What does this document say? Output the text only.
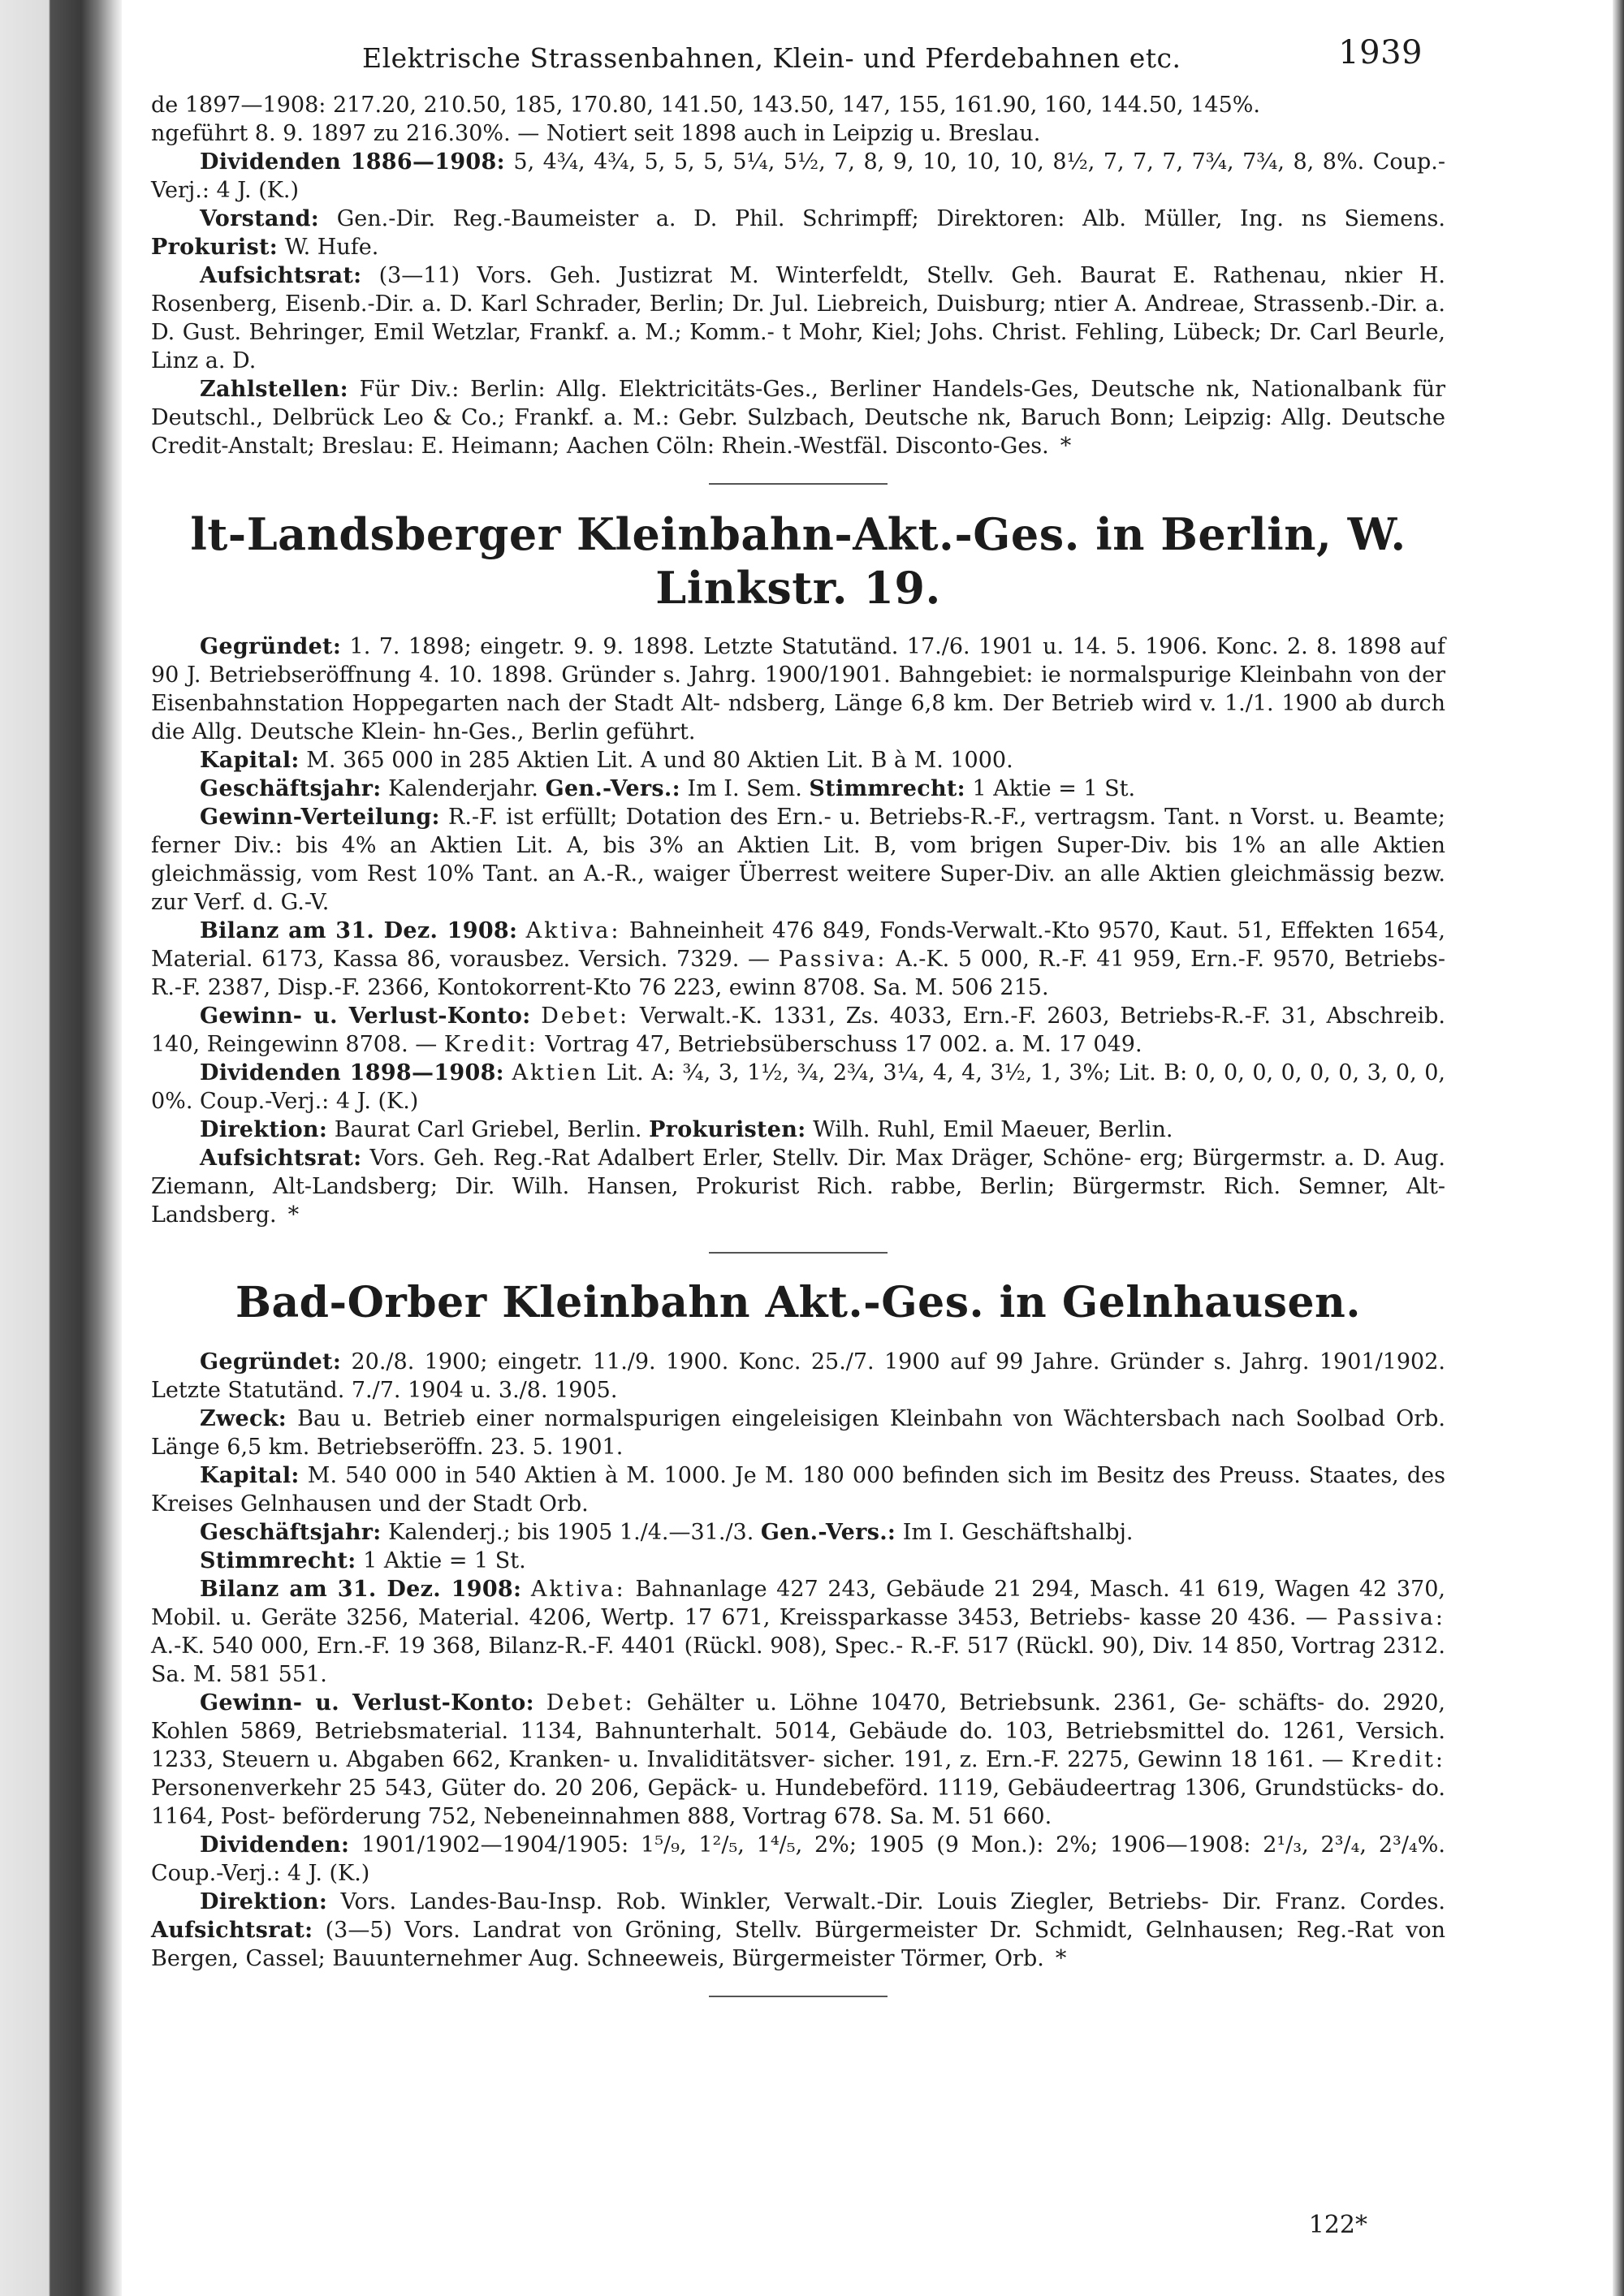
Elektrische Strassenbahnen, Klein- und Pferdebahnen etc.	1939

de 1897—1908: 217.20, 210.50, 185, 170.80, 141.50, 143.50, 147, 155, 161.90, 160, 144.50, 145%.

ngeführt 8. 9. 1897 zu 216.30%. — Notiert seit 1898 auch in Leipzig u. Breslau.

Dividenden 1886—1908: 5, 4¾, 4¾, 5, 5, 5, 5¼, 5½, 7, 8, 9, 10, 10, 10, 8½, 7, 7, 7, 7¾, 7¾, 8, 8%. Coup.-Verj.: 4 J. (K.)

Vorstand: Gen.-Dir. Reg.-Baumeister a. D. Phil. Schrimpff; Direktoren: Alb. Müller, Ing. ns Siemens. Prokurist: W. Hufe.

Aufsichtsrat: (3—11) Vors. Geh. Justizrat M. Winterfeldt, Stellv. Geh. Baurat E. Rathenau, nkier H. Rosenberg, Eisenb.-Dir. a. D. Karl Schrader, Berlin; Dr. Jul. Liebreich, Duisburg; ntier A. Andreae, Strassenb.-Dir. a. D. Gust. Behringer, Emil Wetzlar, Frankf. a. M.; Komm.- t Mohr, Kiel; Johs. Christ. Fehling, Lübeck; Dr. Carl Beurle, Linz a. D.

Zahlstellen: Für Div.: Berlin: Allg. Elektricitäts-Ges., Berliner Handels-Ges, Deutsche nk, Nationalbank für Deutschl., Delbrück Leo & Co.; Frankf. a. M.: Gebr. Sulzbach, Deutsche nk, Baruch Bonn; Leipzig: Allg. Deutsche Credit-Anstalt; Breslau: E. Heimann; Aachen Cöln: Rhein.-Westfäl. Disconto-Ges. *

lt-Landsberger Kleinbahn-Akt.-Ges. in Berlin, W. Linkstr. 19.

Gegründet: 1. 7. 1898; eingetr. 9. 9. 1898. Letzte Statutänd. 17./6. 1901 u. 14. 5. 1906. Konc. 2. 8. 1898 auf 90 J. Betriebseröffnung 4. 10. 1898. Gründer s. Jahrg. 1900/1901. Bahngebiet: ie normalspurige Kleinbahn von der Eisenbahnstation Hoppegarten nach der Stadt Alt- ndsberg, Länge 6,8 km. Der Betrieb wird v. 1./1. 1900 ab durch die Allg. Deutsche Klein- hn-Ges., Berlin geführt.

Kapital: M. 365 000 in 285 Aktien Lit. A und 80 Aktien Lit. B à M. 1000.

Geschäftsjahr: Kalenderjahr. Gen.-Vers.: Im I. Sem. Stimmrecht: 1 Aktie = 1 St.

Gewinn-Verteilung: R.-F. ist erfüllt; Dotation des Ern.- u. Betriebs-R.-F., vertragsm. Tant. n Vorst. u. Beamte; ferner Div.: bis 4% an Aktien Lit. A, bis 3% an Aktien Lit. B, vom brigen Super-Div. bis 1% an alle Aktien gleichmässig, vom Rest 10% Tant. an A.-R., waiger Überrest weitere Super-Div. an alle Aktien gleichmässig bezw. zur Verf. d. G.-V.

Bilanz am 31. Dez. 1908: Aktiva: Bahneinheit 476 849, Fonds-Verwalt.-Kto 9570, Kaut. 51, Effekten 1654, Material. 6173, Kassa 86, vorausbez. Versich. 7329. — Passiva: A.-K. 5 000, R.-F. 41 959, Ern.-F. 9570, Betriebs-R.-F. 2387, Disp.-F. 2366, Kontokorrent-Kto 76 223, ewinn 8708. Sa. M. 506 215.

Gewinn- u. Verlust-Konto: Debet: Verwalt.-K. 1331, Zs. 4033, Ern.-F. 2603, Betriebs-R.-F. 31, Abschreib. 140, Reingewinn 8708. — Kredit: Vortrag 47, Betriebsüberschuss 17 002. a. M. 17 049.

Dividenden 1898—1908: Aktien Lit. A: ¾, 3, 1½, ¾, 2¾, 3¼, 4, 4, 3½, 1, 3%; Lit. B: 0, 0, 0, 0, 0, 0, 3, 0, 0, 0%. Coup.-Verj.: 4 J. (K.)

Direktion: Baurat Carl Griebel, Berlin. Prokuristen: Wilh. Ruhl, Emil Maeuer, Berlin.

Aufsichtsrat: Vors. Geh. Reg.-Rat Adalbert Erler, Stellv. Dir. Max Dräger, Schöne- erg; Bürgermstr. a. D. Aug. Ziemann, Alt-Landsberg; Dir. Wilh. Hansen, Prokurist Rich. rabbe, Berlin; Bürgermstr. Rich. Semner, Alt-Landsberg. *

Bad-Orber Kleinbahn Akt.-Ges. in Gelnhausen.

Gegründet: 20./8. 1900; eingetr. 11./9. 1900. Konc. 25./7. 1900 auf 99 Jahre. Gründer s. Jahrg. 1901/1902. Letzte Statutänd. 7./7. 1904 u. 3./8. 1905.

Zweck: Bau u. Betrieb einer normalspurigen eingeleisigen Kleinbahn von Wächtersbach nach Soolbad Orb. Länge 6,5 km. Betriebseröffn. 23. 5. 1901.

Kapital: M. 540 000 in 540 Aktien à M. 1000. Je M. 180 000 befinden sich im Besitz des Preuss. Staates, des Kreises Gelnhausen und der Stadt Orb.

Geschäftsjahr: Kalenderj.; bis 1905 1./4.—31./3. Gen.-Vers.: Im I. Geschäftshalbj.

Stimmrecht: 1 Aktie = 1 St.

Bilanz am 31. Dez. 1908: Aktiva: Bahnanlage 427 243, Gebäude 21 294, Masch. 41 619, Wagen 42 370, Mobil. u. Geräte 3256, Material. 4206, Wertp. 17 671, Kreissparkasse 3453, Betriebs- kasse 20 436. — Passiva: A.-K. 540 000, Ern.-F. 19 368, Bilanz-R.-F. 4401 (Rückl. 908), Spec.- R.-F. 517 (Rückl. 90), Div. 14 850, Vortrag 2312. Sa. M. 581 551.

Gewinn- u. Verlust-Konto: Debet: Gehälter u. Löhne 10470, Betriebsunk. 2361, Ge- schäfts- do. 2920, Kohlen 5869, Betriebsmaterial. 1134, Bahnunterhalt. 5014, Gebäude do. 103, Betriebsmittel do. 1261, Versich. 1233, Steuern u. Abgaben 662, Kranken- u. Invaliditätsver- sicher. 191, z. Ern.-F. 2275, Gewinn 18 161. — Kredit: Personenverkehr 25 543, Güter do. 20 206, Gepäck- u. Hundebeförd. 1119, Gebäudeertrag 1306, Grundstücks- do. 1164, Post- beförderung 752, Nebeneinnahmen 888, Vortrag 678. Sa. M. 51 660.

Dividenden: 1901/1902—1904/1905: 1⁵/₉, 1²/₅, 1⁴/₅, 2%; 1905 (9 Mon.): 2%; 1906—1908: 2¹/₃, 2³/₄, 2³/₄%. Coup.-Verj.: 4 J. (K.)

Direktion: Vors. Landes-Bau-Insp. Rob. Winkler, Verwalt.-Dir. Louis Ziegler, Betriebs- Dir. Franz. Cordes. Aufsichtsrat: (3—5) Vors. Landrat von Gröning, Stellv. Bürgermeister Dr. Schmidt, Gelnhausen; Reg.-Rat von Bergen, Cassel; Bauunternehmer Aug. Schneeweis, Bürgermeister Törmer, Orb. *

122*
